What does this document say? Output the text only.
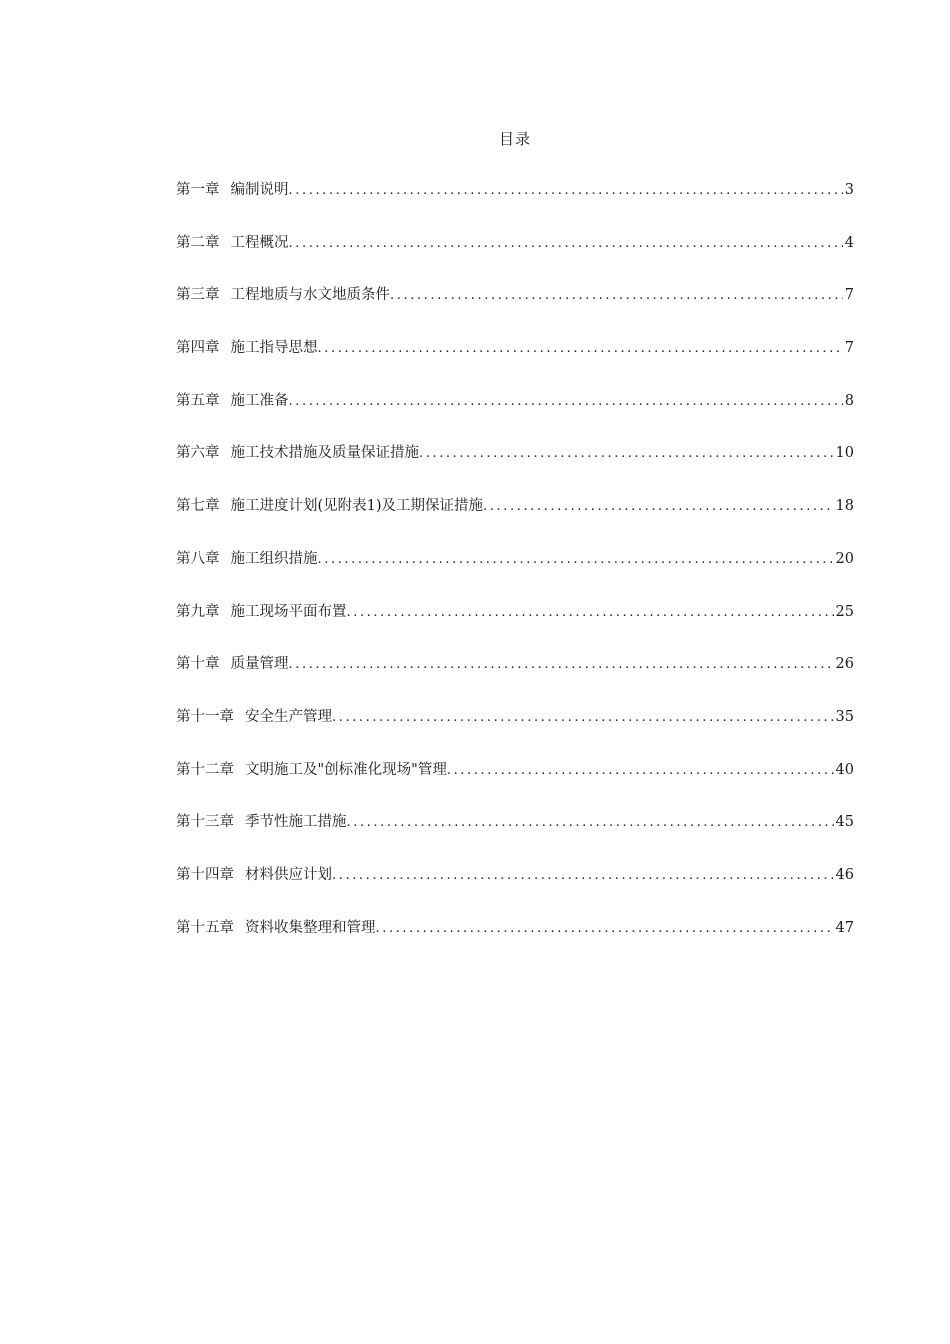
目录
第一章 编制说明 .....	3
第二章 工程概况 .....	4
第三章 工程地质与水文地质条件 .....	7
第四章 施工指导思想 .....	7
第五章 施工准备 .....	8
第六章 施工技术措施及质量保证措施 .....	10
第七章 施工进度计划(见附表1)及工期保证措施 .....	18
第八章 施工组织措施 .....	20
第九章 施工现场平面布置 .....	25
第十章 质量管理 .....	26
第十一章 安全生产管理 .....	35
第十二章 文明施工及"创标准化现场"管理 .....	40
第十三章 季节性施工措施 .....	45
第十四章 材料供应计划 .....	46
第十五章 资料收集整理和管理 .....	47
